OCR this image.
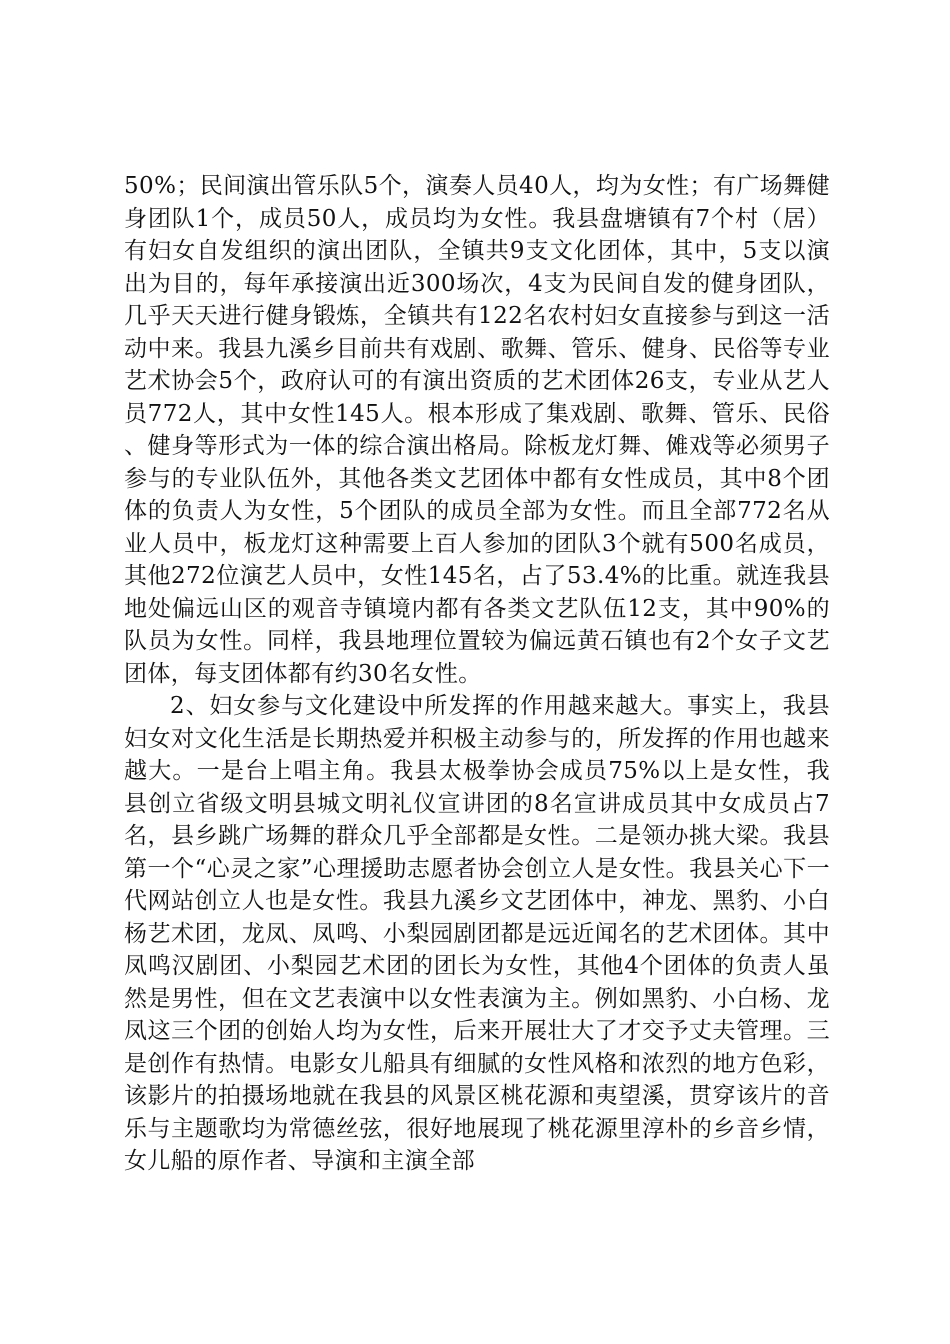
50%；民间演出管乐队5个，演奏人员40人，均为女性；有广场舞健身团队1个，成员50人，成员均为女性。我县盘塘镇有7个村（居）有妇女自发组织的演出团队，全镇共9支文化团体，其中，5支以演出为目的，每年承接演出近300场次，4支为民间自发的健身团队，几乎天天进行健身锻炼，全镇共有122名农村妇女直接参与到这一活动中来。我县九溪乡目前共有戏剧、歌舞、管乐、健身、民俗等专业艺术协会5个，政府认可的有演出资质的艺术团体26支，专业从艺人员772人，其中女性145人。根本形成了集戏剧、歌舞、管乐、民俗、健身等形式为一体的综合演出格局。除板龙灯舞、傩戏等必须男子参与的专业队伍外，其他各类文艺团体中都有女性成员，其中8个团体的负责人为女性，5个团队的成员全部为女性。而且全部772名从业人员中，板龙灯这种需要上百人参加的团队3个就有500名成员，其他272位演艺人员中，女性145名，占了53.4%的比重。就连我县地处偏远山区的观音寺镇境内都有各类文艺队伍12支，其中90%的队员为女性。同样，我县地理位置较为偏远黄石镇也有2个女子文艺团体，每支团体都有约30名女性。

2、妇女参与文化建设中所发挥的作用越来越大。事实上，我县妇女对文化生活是长期热爱并积极主动参与的，所发挥的作用也越来越大。一是台上唱主角。我县太极拳协会成员75%以上是女性，我县创立省级文明县城文明礼仪宣讲团的8名宣讲成员其中女成员占7名，县乡跳广场舞的群众几乎全部都是女性。二是领办挑大梁。我县第一个“心灵之家”心理援助志愿者协会创立人是女性。我县关心下一代网站创立人也是女性。我县九溪乡文艺团体中，神龙、黑豹、小白杨艺术团，龙凤、凤鸣、小梨园剧团都是远近闻名的艺术团体。其中凤鸣汉剧团、小梨园艺术团的团长为女性，其他4个团体的负责人虽然是男性，但在文艺表演中以女性表演为主。例如黑豹、小白杨、龙凤这三个团的创始人均为女性，后来开展壮大了才交予丈夫管理。三是创作有热情。电影女儿船具有细腻的女性风格和浓烈的地方色彩，该影片的拍摄场地就在我县的风景区桃花源和夷望溪，贯穿该片的音乐与主题歌均为常德丝弦，很好地展现了桃花源里淳朴的乡音乡情，女儿船的原作者、导演和主演全部
